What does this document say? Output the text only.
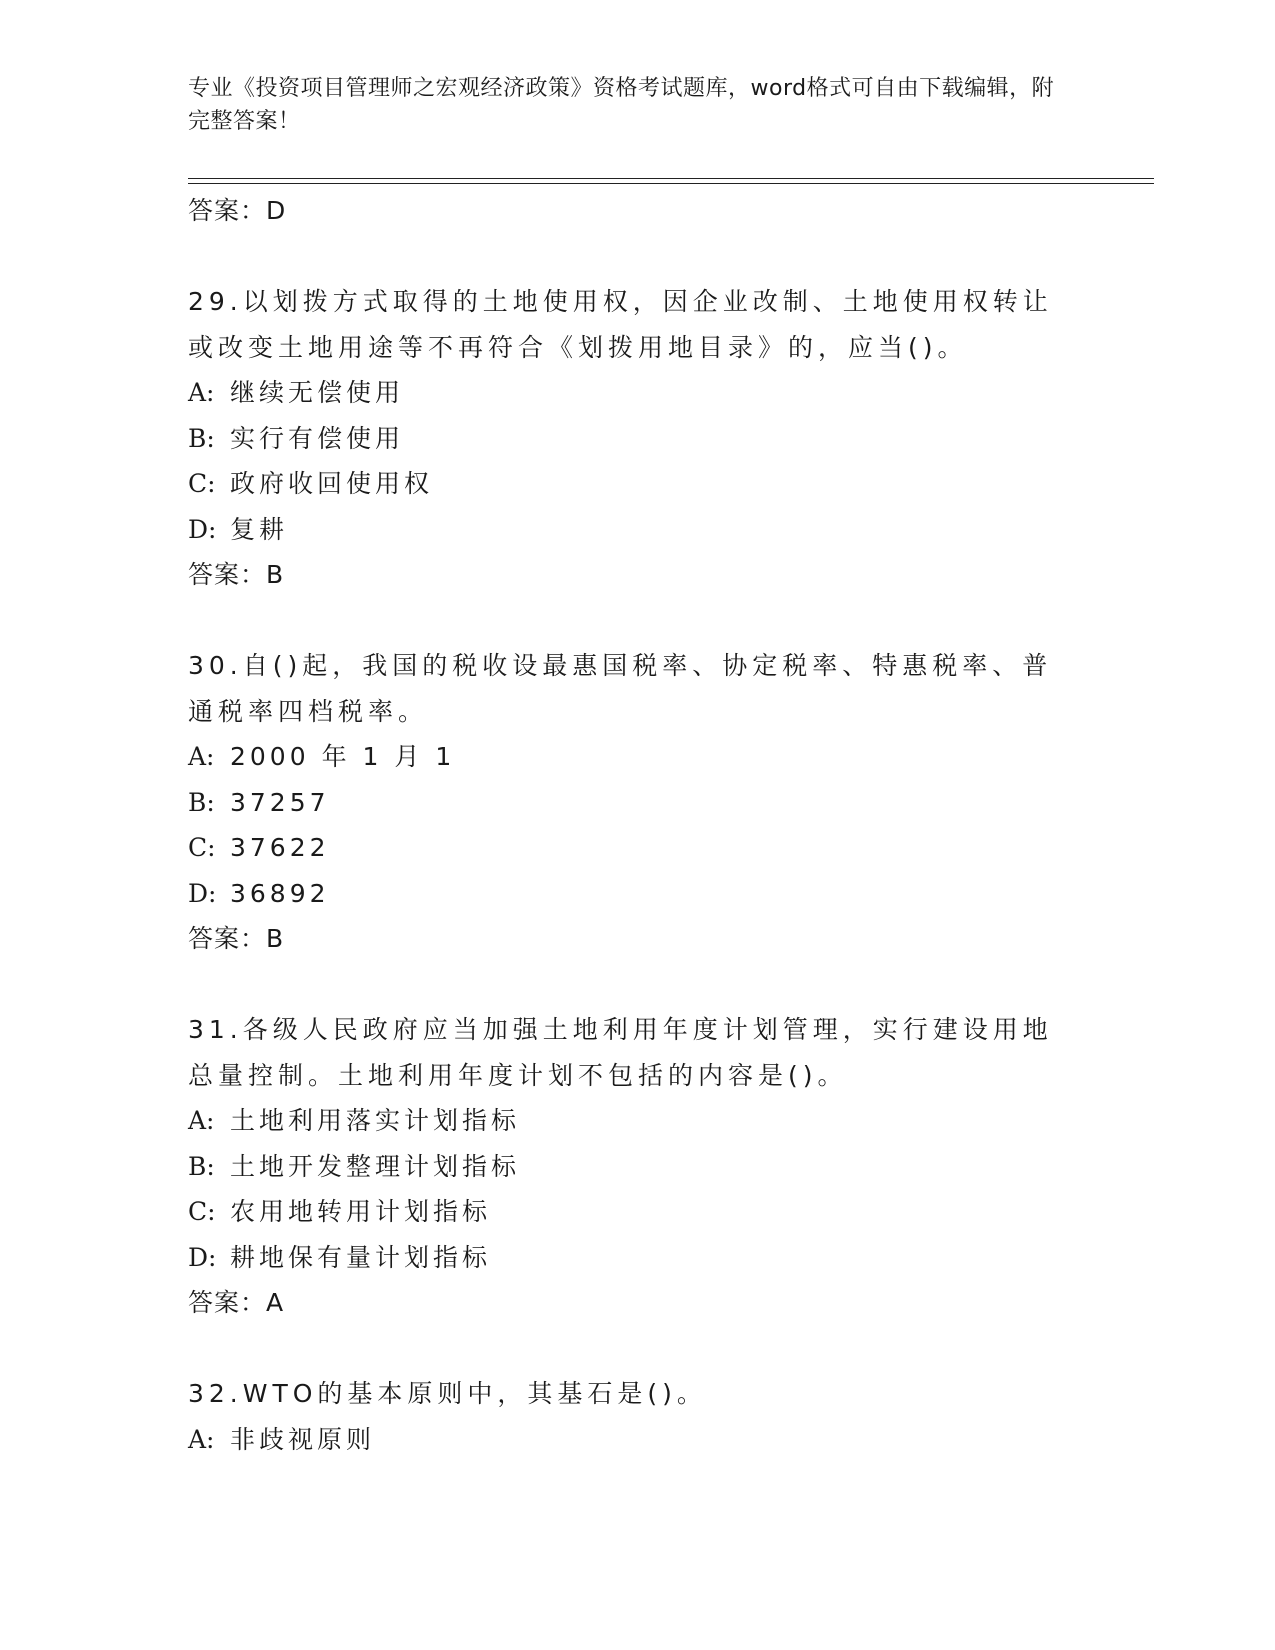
专业《投资项目管理师之宏观经济政策》资格考试题库，word格式可自由下载编辑，附完整答案！
答案：D
29.以划拨方式取得的土地使用权，因企业改制、土地使用权转让或改变土地用途等不再符合《划拨用地目录》的，应当()。
A: 继续无偿使用
B: 实行有偿使用
C: 政府收回使用权
D: 复耕
答案：B
30.自()起，我国的税收设最惠国税率、协定税率、特惠税率、普通税率四档税率。
A: 2000 年 1 月 1
B: 37257
C: 37622
D: 36892
答案：B
31.各级人民政府应当加强土地利用年度计划管理，实行建设用地总量控制。土地利用年度计划不包括的内容是()。
A: 土地利用落实计划指标
B: 土地开发整理计划指标
C: 农用地转用计划指标
D: 耕地保有量计划指标
答案：A
32.WTO的基本原则中，其基石是()。
A: 非歧视原则
